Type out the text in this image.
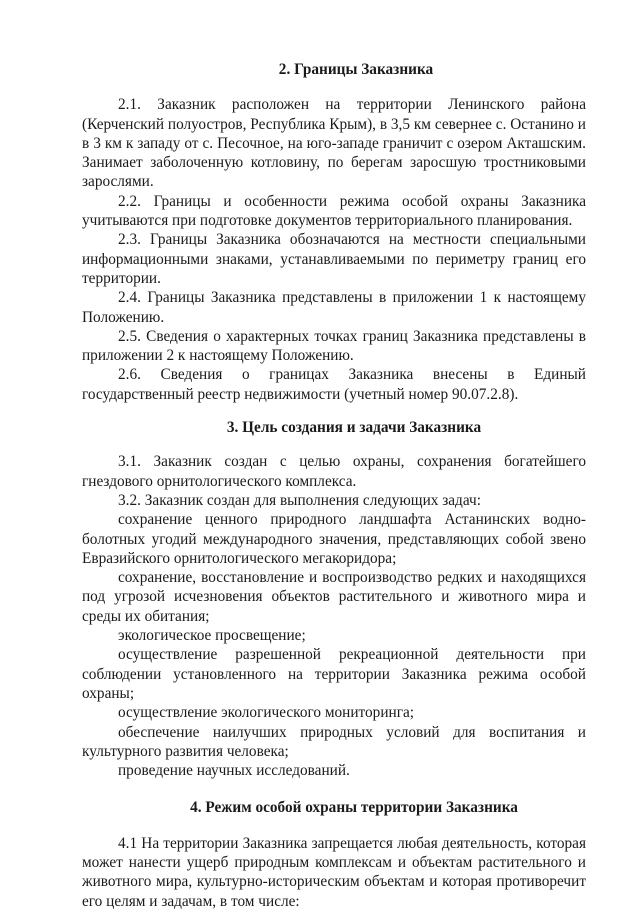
2. Границы Заказника

2.1. Заказник расположен на территории Ленинского района (Керченский полуостров, Республика Крым), в 3,5 км севернее с. Останино и в 3 км к западу от с. Песочное, на юго-западе граничит с озером Акташским. Занимает заболоченную котловину, по берегам заросшую тростниковыми зарослями.

2.2. Границы и особенности режима особой охраны Заказника учитываются при подготовке документов территориального планирования.

2.3. Границы Заказника обозначаются на местности специальными информационными знаками, устанавливаемыми по периметру границ его территории.

2.4. Границы Заказника представлены в приложении 1 к настоящему Положению.

2.5. Сведения о характерных точках границ Заказника представлены в приложении 2 к настоящему Положению.

2.6. Сведения о границах Заказника внесены в Единый государственный реестр недвижимости (учетный номер 90.07.2.8).

3. Цель создания и задачи Заказника

3.1. Заказник создан с целью охраны, сохранения богатейшего гнездового орнитологического комплекса.

3.2. Заказник создан для выполнения следующих задач:

сохранение ценного природного ландшафта Астанинских водно-болотных угодий международного значения, представляющих собой звено Евразийского орнитологического мегакоридора;

сохранение, восстановление и воспроизводство редких и находящихся под угрозой исчезновения объектов растительного и животного мира и среды их обитания;

экологическое просвещение;

осуществление разрешенной рекреационной деятельности при соблюдении установленного на территории Заказника режима особой охраны;

осуществление экологического мониторинга;

обеспечение наилучших природных условий для воспитания и культурного развития человека;

проведение научных исследований.

4. Режим особой охраны территории Заказника

4.1 На территории Заказника запрещается любая деятельность, которая может нанести ущерб природным комплексам и объектам растительного и животного мира, культурно-историческим объектам и которая противоречит его целям и задачам, в том числе:
